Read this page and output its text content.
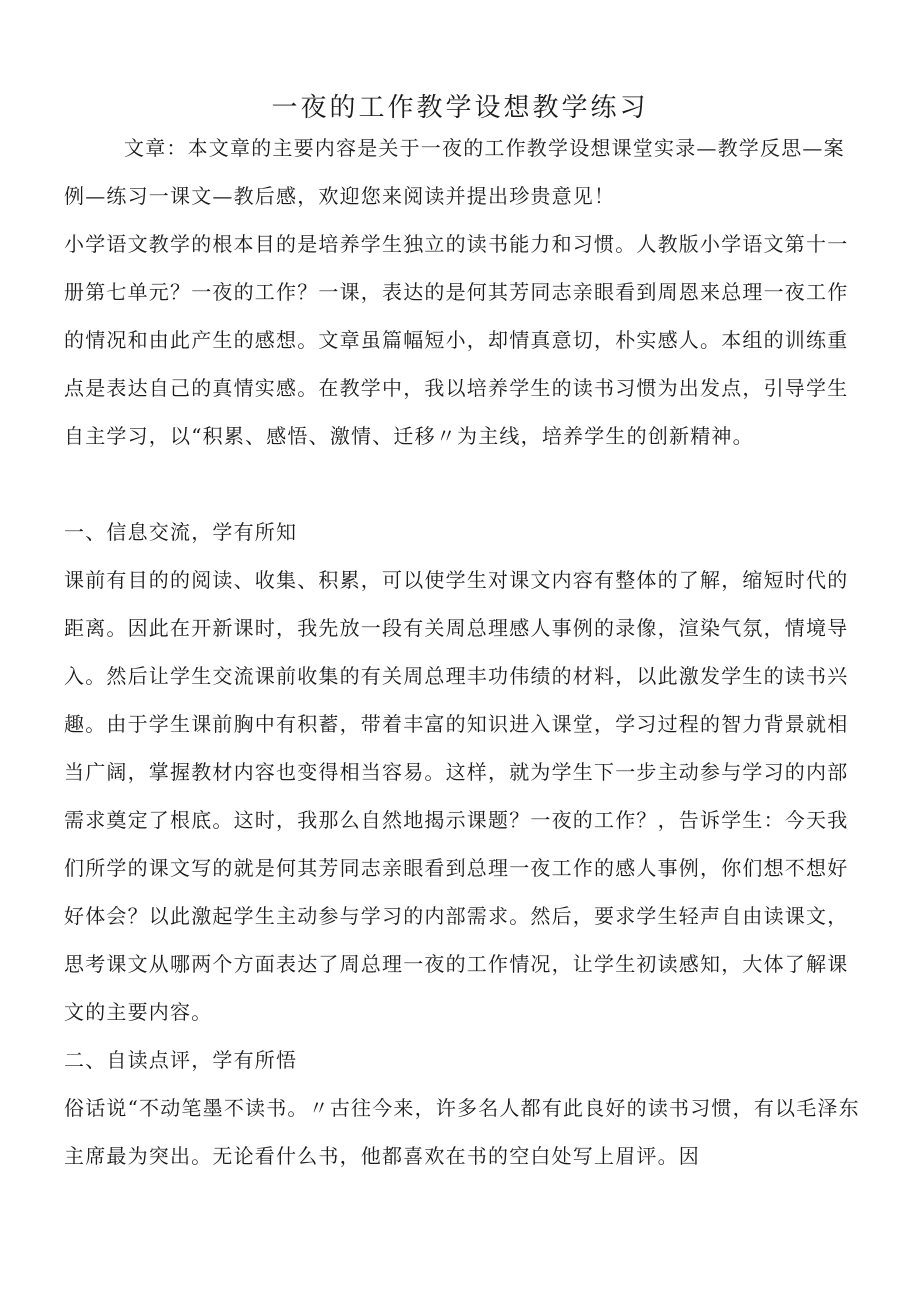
一夜的工作教学设想教学练习

文章：本文章的主要内容是关于一夜的工作教学设想课堂实录—教学反思—案例—练习一课文—教后感，欢迎您来阅读并提出珍贵意见！

小学语文教学的根本目的是培养学生独立的读书能力和习惯。人教版小学语文第十一册第七单元？一夜的工作？一课，表达的是何其芳同志亲眼看到周恩来总理一夜工作的情况和由此产生的感想。文章虽篇幅短小，却情真意切，朴实感人。本组的训练重点是表达自己的真情实感。在教学中，我以培养学生的读书习惯为出发点，引导学生自主学习，以“积累、感悟、激情、迁移〃为主线，培养学生的创新精神。

一、信息交流，学有所知

课前有目的的阅读、收集、积累，可以使学生对课文内容有整体的了解，缩短时代的距离。因此在开新课时，我先放一段有关周总理感人事例的录像，渲染气氛，情境导入。然后让学生交流课前收集的有关周总理丰功伟绩的材料，以此激发学生的读书兴趣。由于学生课前胸中有积蓄，带着丰富的知识进入课堂，学习过程的智力背景就相当广阔，掌握教材内容也变得相当容易。这样，就为学生下一步主动参与学习的内部需求奠定了根底。这时，我那么自然地揭示课题？一夜的工作？，告诉学生：今天我们所学的课文写的就是何其芳同志亲眼看到总理一夜工作的感人事例，你们想不想好好体会？以此激起学生主动参与学习的内部需求。然后，要求学生轻声自由读课文，思考课文从哪两个方面表达了周总理一夜的工作情况，让学生初读感知，大体了解课文的主要内容。

二、自读点评，学有所悟

俗话说“不动笔墨不读书。〃古往今来，许多名人都有此良好的读书习惯，有以毛泽东主席最为突出。无论看什么书，他都喜欢在书的空白处写上眉评。因
